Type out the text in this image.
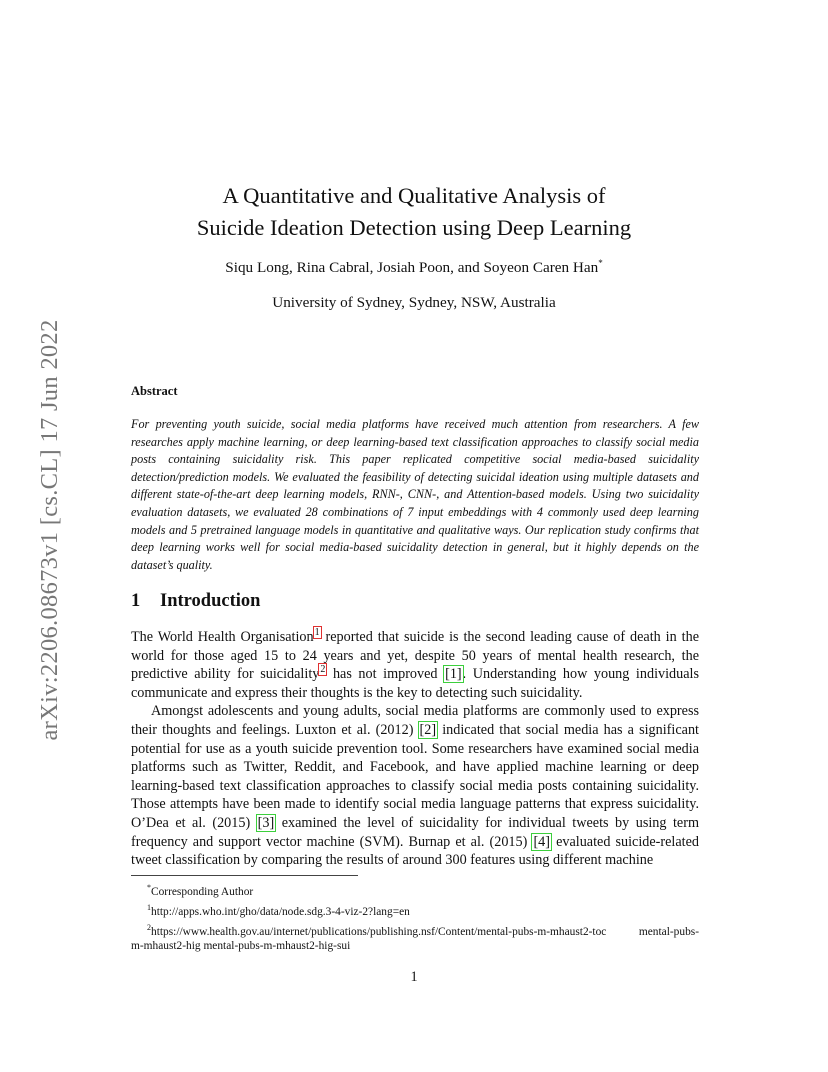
arXiv:2206.08673v1 [cs.CL] 17 Jun 2022
A Quantitative and Qualitative Analysis of
Suicide Ideation Detection using Deep Learning
Siqu Long, Rina Cabral, Josiah Poon, and Soyeon Caren Han*
University of Sydney, Sydney, NSW, Australia
Abstract
For preventing youth suicide, social media platforms have received much attention from researchers. A few researches apply machine learning, or deep learning-based text classification approaches to classify social media posts containing suicidality risk. This paper replicated competitive social media-based suicidality detection/prediction models. We evaluated the feasibility of detecting suicidal ideation using multiple datasets and different state-of-the-art deep learning models, RNN-, CNN-, and Attention-based models. Using two suicidality evaluation datasets, we evaluated 28 combinations of 7 input embeddings with 4 commonly used deep learning models and 5 pretrained language models in quantitative and qualitative ways. Our replication study confirms that deep learning works well for social media-based suicidality detection in general, but it highly depends on the dataset’s quality.
1 Introduction

The World Health Organisation$^1$ reported that suicide is the second leading cause of death in the world for those aged 15 to 24 years and yet, despite 50 years of mental health research, the predictive ability for suicidality$^2$ has not improved [1]. Understanding how young individuals communicate and express their thoughts is the key to detecting such suicidality.

Amongst adolescents and young adults, social media platforms are commonly used to express their thoughts and feelings. Luxton et al. (2012) [2] indicated that social media has a significant potential for use as a youth suicide prevention tool. Some researchers have examined social media platforms such as Twitter, Reddit, and Facebook, and have applied machine learning or deep learning-based text classification approaches to classify social media posts containing suicidality. Those attempts have been made to identify social media language patterns that express suicidality. O’Dea et al. (2015) [3] examined the level of suicidality for individual tweets by using term frequency and support vector machine (SVM). Burnap et al. (2015) [4] evaluated suicide-related tweet classification by comparing the results of around 300 features using different machine

*Corresponding Author
$^1$http://apps.who.int/gho/data/node.sdg.3-4-viz-2?lang=en
$^2$https://www.health.gov.au/internet/publications/publishing.nsf/Content/mental-pubs-m-mhaust2-toc          mental-pubs-m-mhaust2-hig mental-pubs-m-mhaust2-hig-sui
1
